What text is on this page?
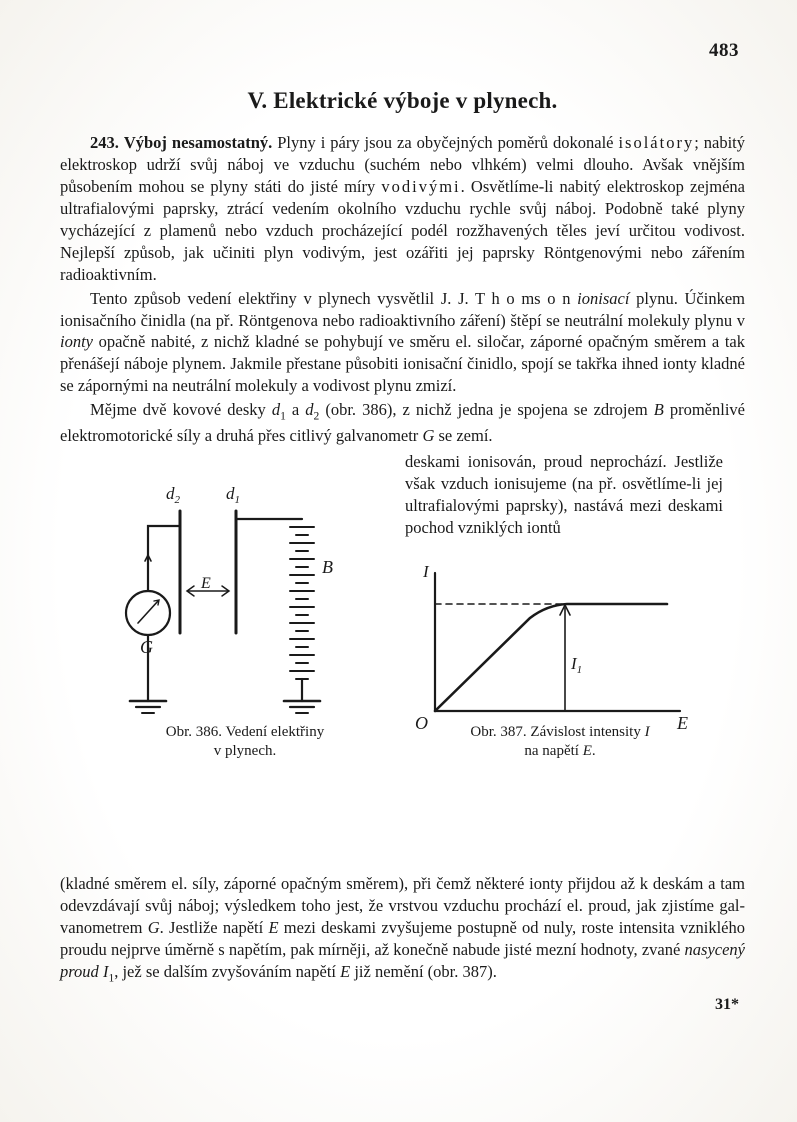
483
V. Elektrické výboje v plynech.

243. Výboj nesamostatný. Plyny i páry jsou za obyčejných poměrů dokonalé isolátory; nabitý elektroskop udrží svůj náboj ve vzduchu (suchém nebo vlhkém) velmi dlouho. Avšak vnějším působením mohou se plyny státi do jisté míry vodivými. Osvětlíme-li nabitý elektroskop zejména ultrafialovými paprsky, ztrácí vedením okolního vzduchu rychle svůj náboj. Podobně také plyny vycházející z plamenů nebo vzduch procházející podél rozžhavených těles jeví určitou vodivost. Nejlepší způsob, jak učiniti plyn vodivým, jest ozářiti jej paprsky Röntgenovými nebo zářením radioaktivním.

Tento způsob vedení elektřiny v plynech vysvětlil J. J. T h o ms o n ionisací plynu. Účinkem ionisačního činidla (na př. Röntgenova nebo radioaktivního záření) štěpí se neutrální molekuly plynu v ionty opačně nabité, z nichž kladné se pohybují ve směru el. siločar, záporné opačným směrem a tak přenášejí náboje plynem. Jakmile přestane působiti ionisační činidlo, spojí se takřka ihned ionty kladné se zápornými na neutrální molekuly a vodivost plynu zmizí.

Mějme dvě kovové desky $d_1$ a $d_2$ (obr. 386), z nichž jedna je spojena se zdrojem B proměnlivé elektromotorické síly a druhá přes citlivý galvanometr G se zemí.

deskami ionisován, proud neprochází. Jestliže však vzduch ionisujeme (na př. osvětlíme-li jej ultrafialovými paprsky), nastává mezi deskami pochod vzniklých iontů
$d_2$	$d_1$
E
B
G
I
E
O
$I_1$
Obr. 386. Vedení elektřiny
v plynech.
Obr. 387. Závislost intensity I
na napětí E.

(kladné směrem el. síly, záporné opačným směrem), při čemž některé ionty přijdou až k deskám a tam odevzdávají svůj náboj; výsledkem toho jest, že vrstvou vzduchu prochází el. proud, jak zjistíme galvanometrem G. Jestliže napětí E mezi deskami zvyšujeme postupně od nuly, roste intensita vzniklého proudu nejprve úměrně s napětím, pak mírněji, až konečně nabude jisté mezní hodnoty, zvané nasycený proud $I_1$, jež se dalším zvyšováním napětí E již nemění (obr. 387).

31*
